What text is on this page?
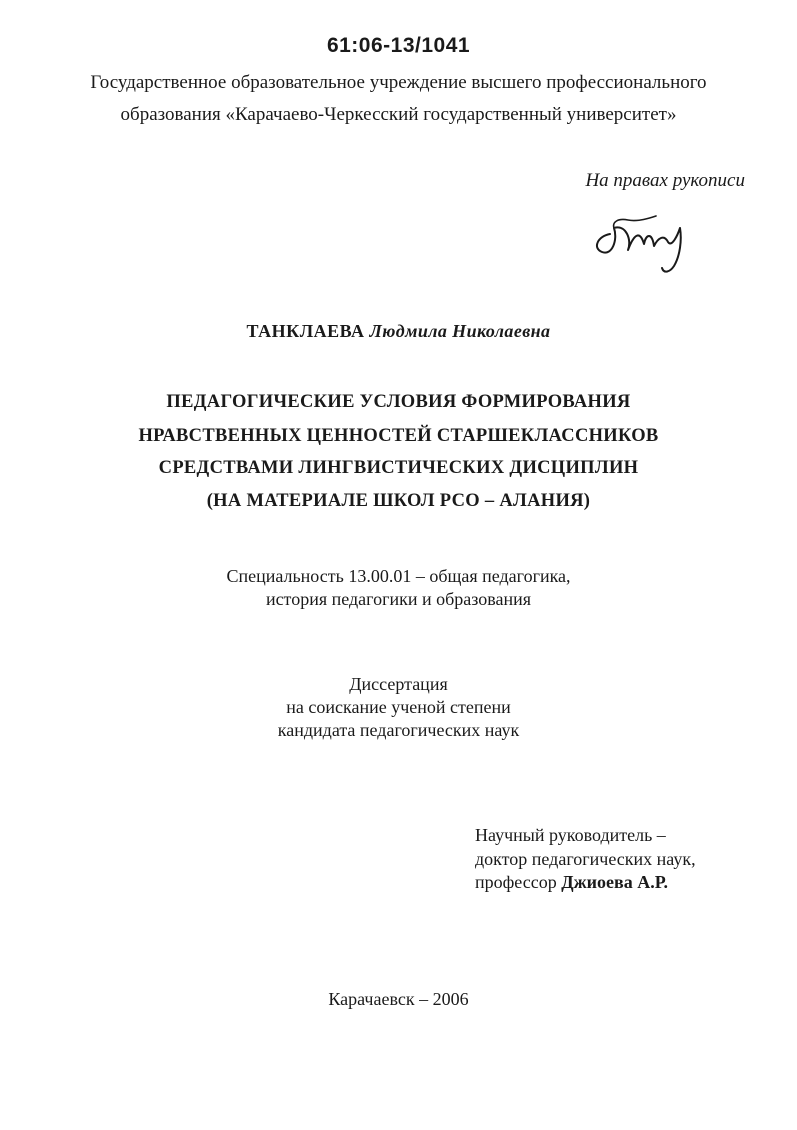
61:06-13/1041
Государственное образовательное учреждение высшего профессионального
образования «Карачаево-Черкесский государственный университет»
На правах рукописи
ТАНКЛАЕВА Людмила Николаевна
ПЕДАГОГИЧЕСКИЕ УСЛОВИЯ ФОРМИРОВАНИЯ
НРАВСТВЕННЫХ ЦЕННОСТЕЙ СТАРШЕКЛАССНИКОВ
СРЕДСТВАМИ ЛИНГВИСТИЧЕСКИХ ДИСЦИПЛИН
(НА МАТЕРИАЛЕ ШКОЛ РСО – АЛАНИЯ)
Специальность 13.00.01 – общая педагогика,
история педагогики и образования
Диссертация
на соискание ученой степени
кандидата педагогических наук
Научный руководитель –
доктор педагогических наук,
профессор Джиоева А.Р.
Карачаевск – 2006
